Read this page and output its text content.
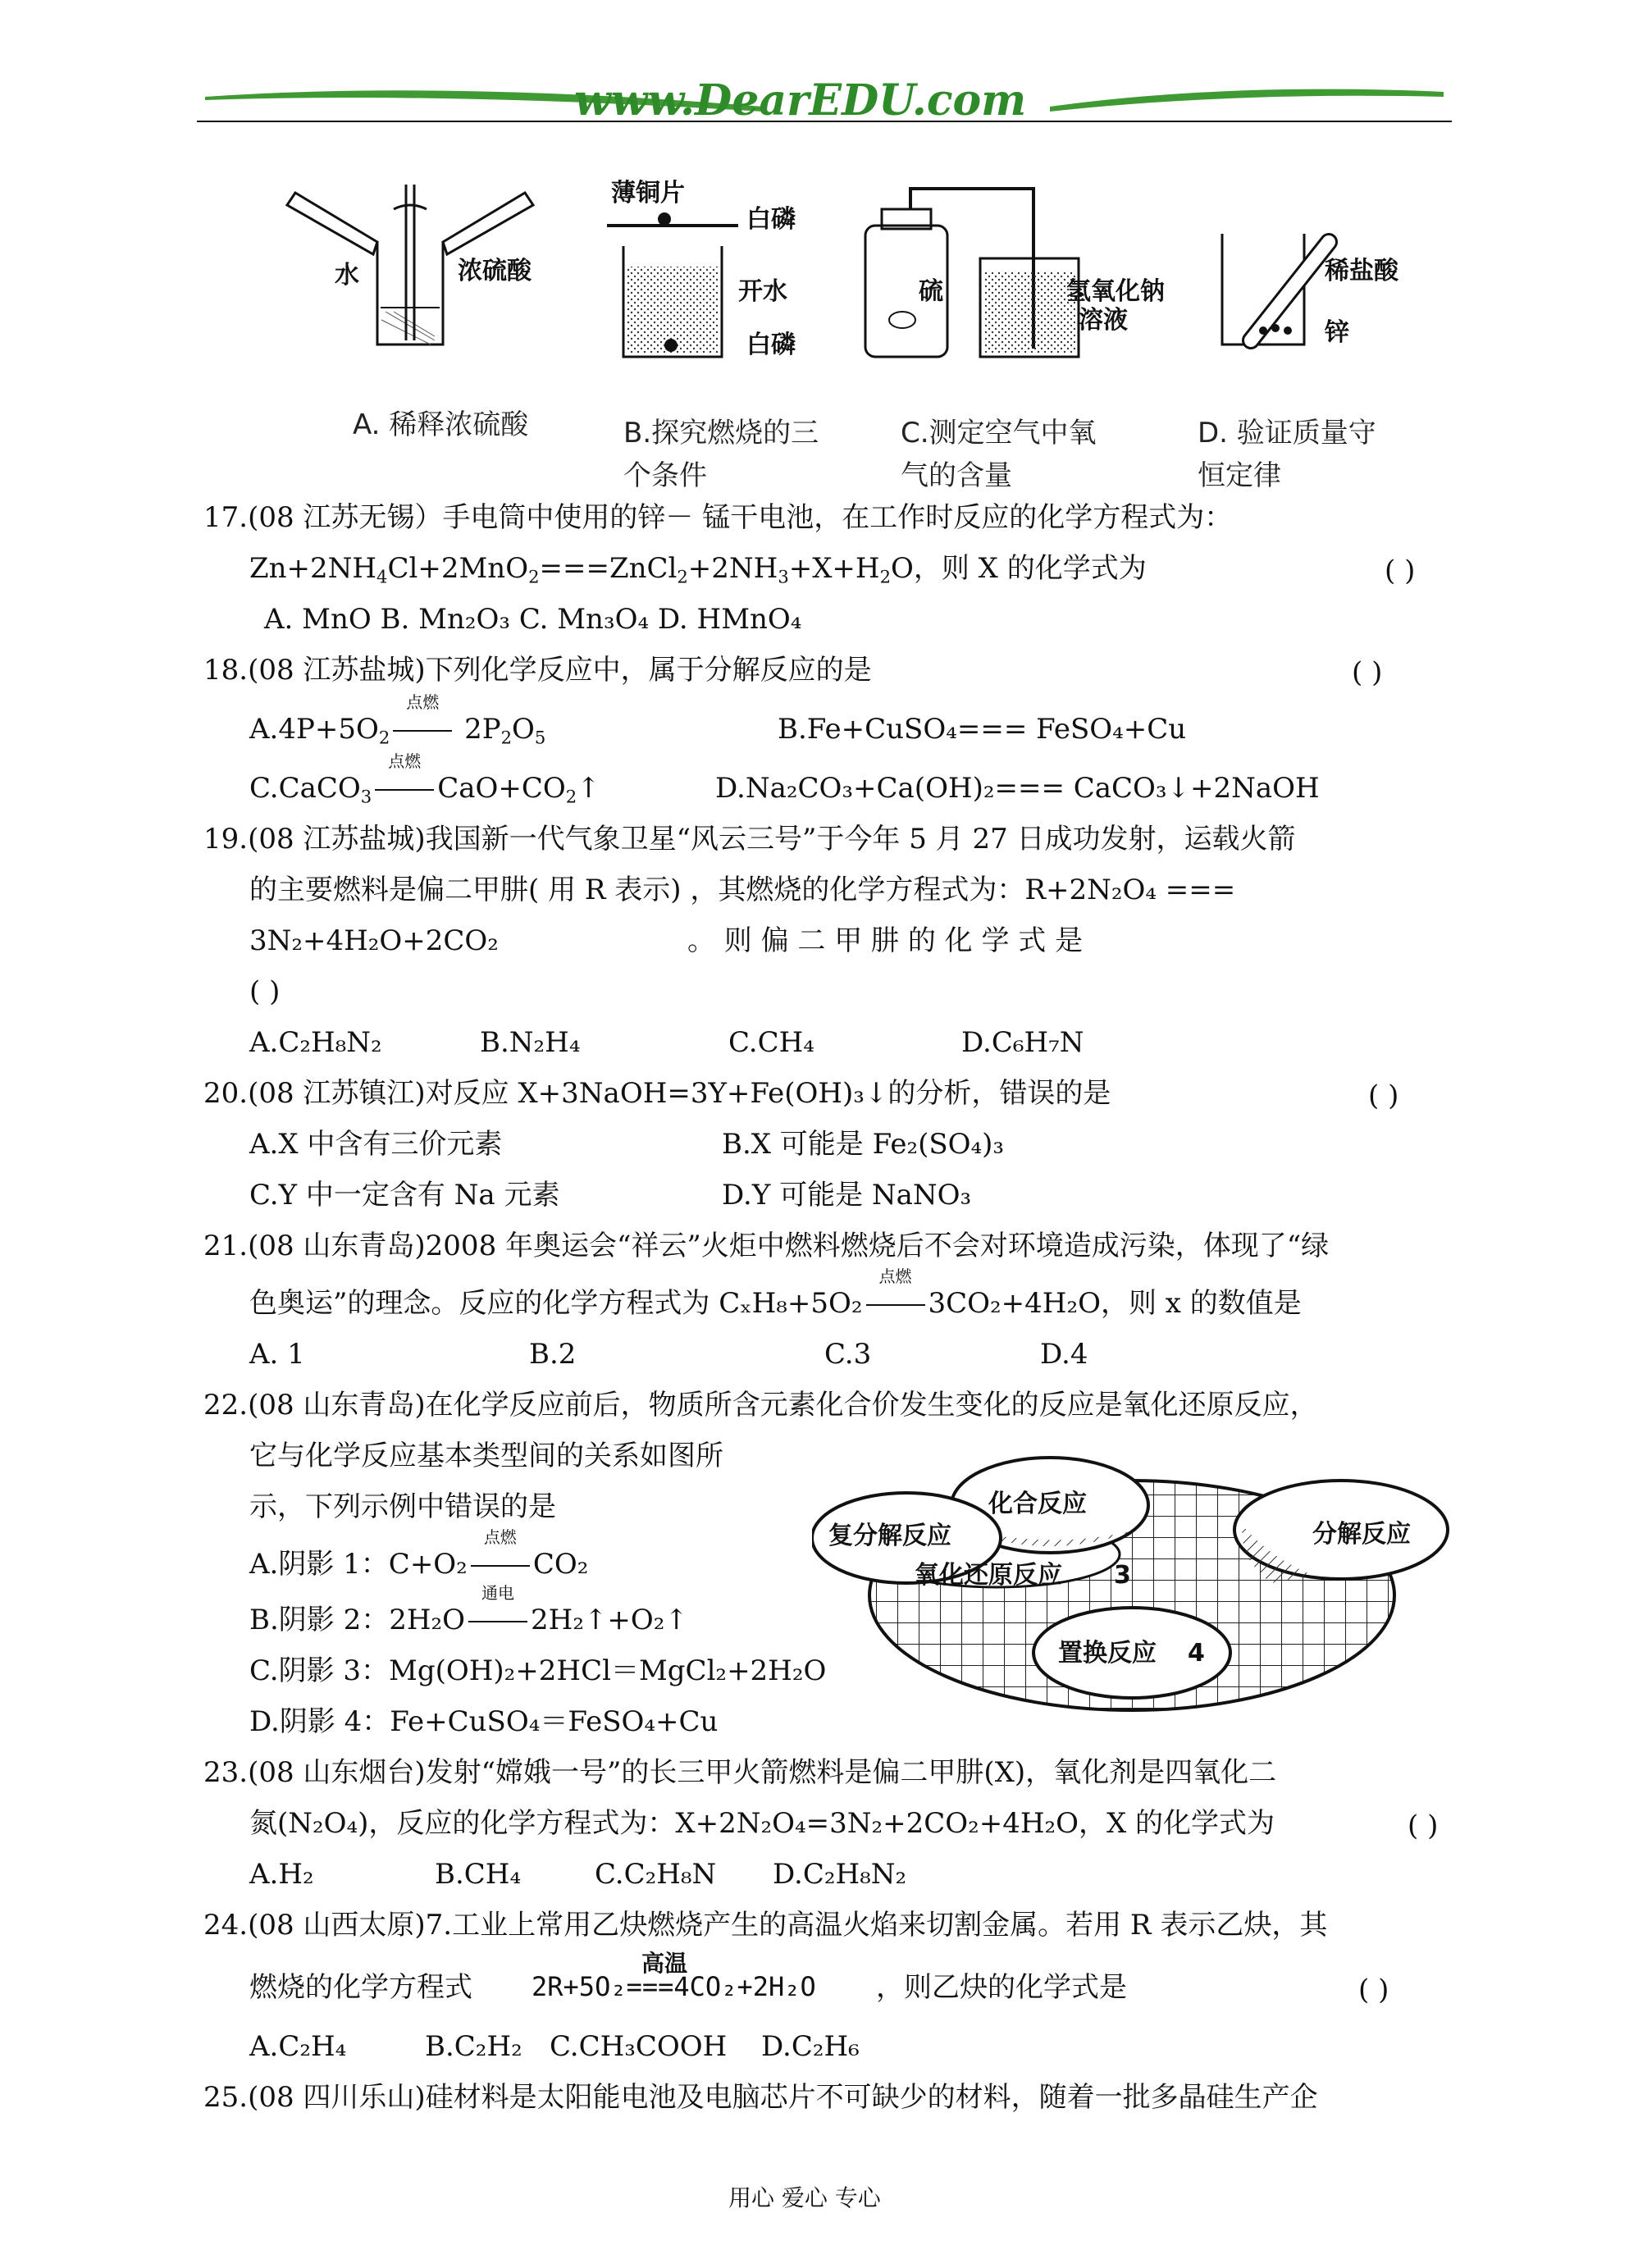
www.DearEDU.com
水	浓硫酸
薄铜片
白磷
开水
白磷
硫	氢氧化钠
溶液
稀盐酸
锌
A. 稀释浓硫酸	B.探究燃烧的三
个条件
C.测定空气中氧
气的含量
D. 验证质量守
恒定律
17.(08 江苏无锡）手电筒中使用的锌－ 锰干电池，在工作时反应的化学方程式为：
$Zn+2NH_4Cl+2MnO_2===ZnCl_2+2NH_3+X+H_2O$，则 X 的化学式为	( )
A. MnO B. Mn₂O₃ C. Mn₃O₄ D. HMnO₄
18.(08 江苏盐城)下列化学反应中，属于分解反应的是	( )
$A.4P+5O_2$
点燃
$2P_2O_5$	B.Fe+CuSO₄=== FeSO₄+Cu
C.CaCO$_3$
点燃
$CaO+CO_2↑$	D.Na₂CO₃+Ca(OH)₂=== CaCO₃↓+2NaOH
19.(08 江苏盐城)我国新一代气象卫星“风云三号”于今年 5 月 27 日成功发射，运载火箭
的主要燃料是偏二甲肼( 用 R 表示) ，其燃烧的化学方程式为：R+2N₂O₄ ===
3N₂+4H₂O+2CO₂	。 则 偏 二 甲 肼 的 化 学 式 是
( )
A.C₂H₈N₂	B.N₂H₄	C.CH₄	D.C₆H₇N
20.(08 江苏镇江)对反应 X+3NaOH=3Y+Fe(OH)₃↓的分析，错误的是	( )
A.X 中含有三价元素	B.X 可能是 Fe₂(SO₄)₃
C.Y 中一定含有 Na 元素	D.Y 可能是 NaNO₃
21.(08 山东青岛)2008 年奥运会“祥云”火炬中燃料燃烧后不会对环境造成污染，体现了“绿
色奥运”的理念。反应的化学方程式为 CₓH₈+5O₂
点燃
3CO₂+4H₂O，则 x 的数值是
A. 1	B.2	C.3	D.4
22.(08 山东青岛)在化学反应前后，物质所含元素化合价发生变化的反应是氧化还原反应，
它与化学反应基本类型间的关系如图所
示，下列示例中错误的是
A.阴影 1：C+O₂
点燃
CO₂
B.阴影 2：2H₂O
通电
2H₂↑+O₂↑
C.阴影 3：Mg(OH)₂+2HCl＝MgCl₂+2H₂O
D.阴影 4：Fe+CuSO₄＝FeSO₄+Cu
化合反应
复分解反应	分解反应
氧化还原反应 3
置换反应 4
23.(08 山东烟台)发射“嫦娥一号”的长三甲火箭燃料是偏二甲肼(X)，氧化剂是四氧化二
氮(N₂O₄)，反应的化学方程式为：X+2N₂O₄=3N₂+2CO₂+4H₂O，X 的化学式为	( )
A.H₂	B.CH₄	C.C₂H₈N D.C₂H₈N₂
24.(08 山西太原)7.工业上常用乙炔燃烧产生的高温火焰来切割金属。若用 R 表示乙炔，其
燃烧的化学方程式 2R+5O₂===4CO₂+2H₂O
高温
，则乙炔的化学式是	( )
A.C₂H₄	B.C₂H₂ C.CH₃COOH D.C₂H₆
25.(08 四川乐山)硅材料是太阳能电池及电脑芯片不可缺少的材料，随着一批多晶硅生产企
用心 爱心 专心
